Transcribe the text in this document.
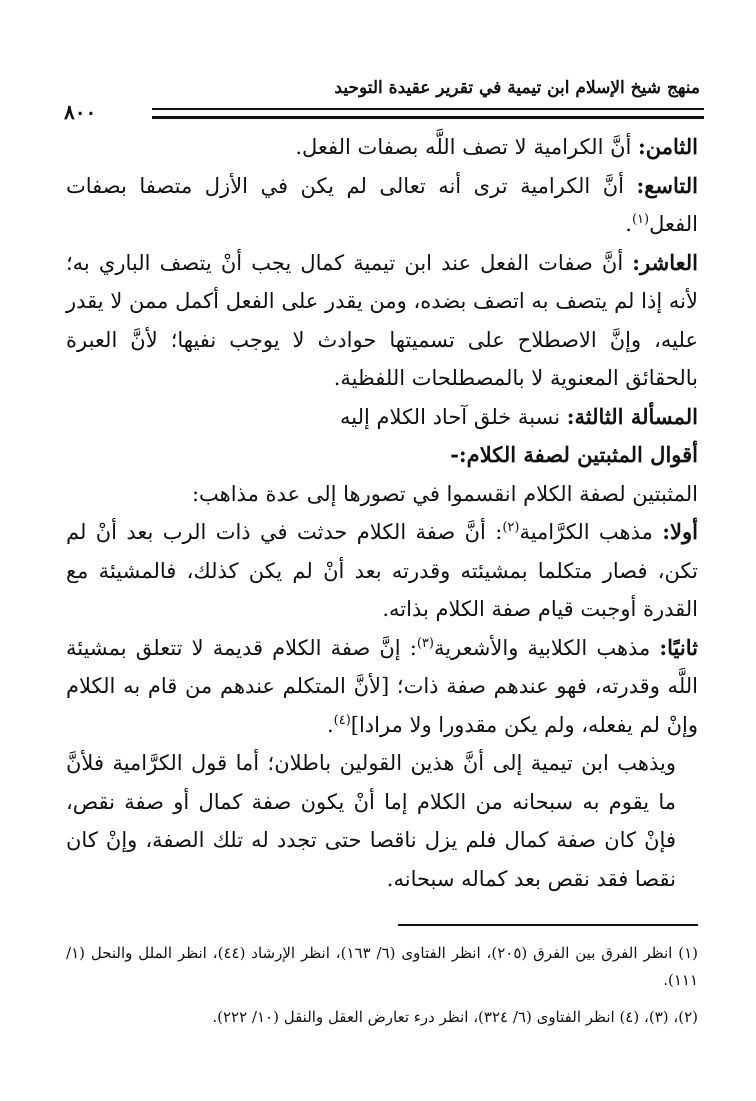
منهج شيخ الإسلام ابن تيمية في تقرير عقيدة التوحيد
٨٠٠

الثامن: أنَّ الكرامية لا تصف اللَّه بصفات الفعل.

التاسع: أنَّ الكرامية ترى أنه تعالى لم يكن في الأزل متصفا بصفات الفعل$^{(١)}$.

العاشر: أنَّ صفات الفعل عند ابن تيمية كمال يجب أنْ يتصف الباري به؛ لأنه إذا لم يتصف به اتصف بضده، ومن يقدر على الفعل أكمل ممن لا يقدر عليه، وإنَّ الاصطلاح على تسميتها حوادث لا يوجب نفيها؛ لأنَّ العبرة بالحقائق المعنوية لا بالمصطلحات اللفظية.

المسألة الثالثة: نسبة خلق آحاد الكلام إليه

أقوال المثبتين لصفة الكلام:-

المثبتين لصفة الكلام انقسموا في تصورها إلى عدة مذاهب:

أولا: مذهب الكرَّامية$^{(٢)}$: أنَّ صفة الكلام حدثت في ذات الرب بعد أنْ لم تكن، فصار متكلما بمشيئته وقدرته بعد أنْ لم يكن كذلك، فالمشيئة مع القدرة أوجبت قيام صفة الكلام بذاته.

ثانيًا: مذهب الكلابية والأشعرية$^{(٣)}$: إنَّ صفة الكلام قديمة لا تتعلق بمشيئة اللَّه وقدرته، فهو عندهم صفة ذات؛ [لأنَّ المتكلم عندهم من قام به الكلام وإنْ لم يفعله، ولم يكن مقدورا ولا مرادا]$^{(٤)}$.

ويذهب ابن تيمية إلى أنَّ هذين القولين باطلان؛ أما قول الكرَّامية فلأنَّ ما يقوم به سبحانه من الكلام إما أنْ يكون صفة كمال أو صفة نقص، فإنْ كان صفة كمال فلم يزل ناقصا حتى تجدد له تلك الصفة، وإنْ كان نقصا فقد نقص بعد كماله سبحانه.

(١) انظر الفرق بين الفرق (٢٠٥)، انظر الفتاوى (٦/ ١٦٣)، انظر الإرشاد (٤٤)، انظر الملل والنحل (١/ ١١١).

(٢)، (٣)، (٤) انظر الفتاوى (٦/ ٣٢٤)، انظر درء تعارض العقل والنقل (١٠/ ٢٢٢).
